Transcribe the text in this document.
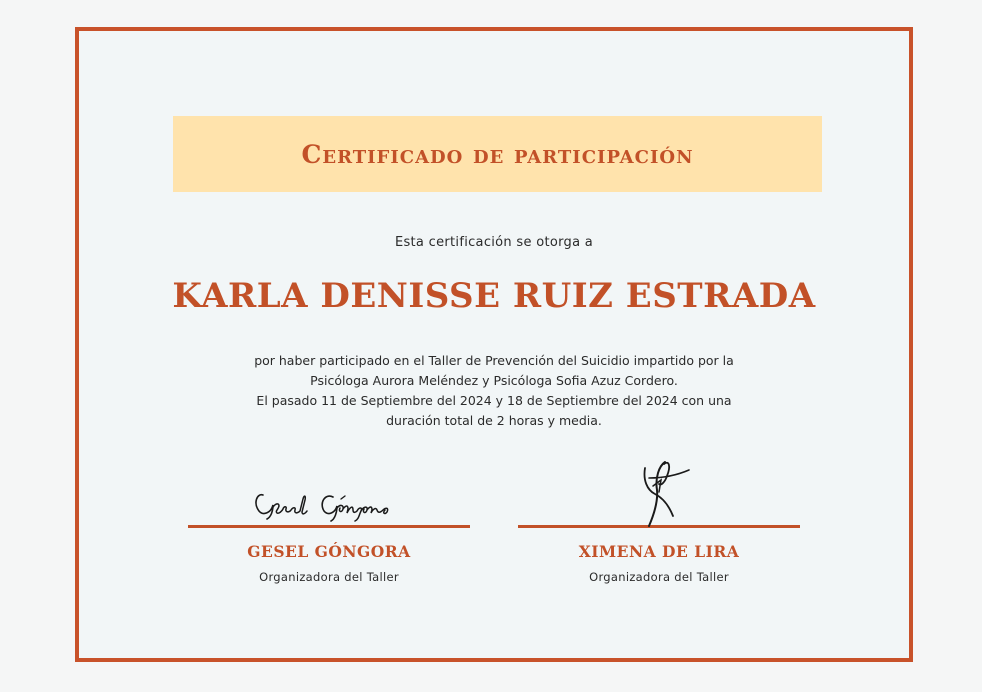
Certificado de participación
Esta certificación se otorga a
KARLA DENISSE RUIZ ESTRADA
por haber participado en el Taller de Prevención del Suicidio impartido por la
Psicóloga Aurora Meléndez y Psicóloga Sofia Azuz Cordero.
El pasado 11 de Septiembre del 2024 y 18 de Septiembre del 2024 con una
duración total de 2 horas y media.
GESEL GÓNGORA
Organizadora del Taller
XIMENA DE LIRA
Organizadora del Taller
